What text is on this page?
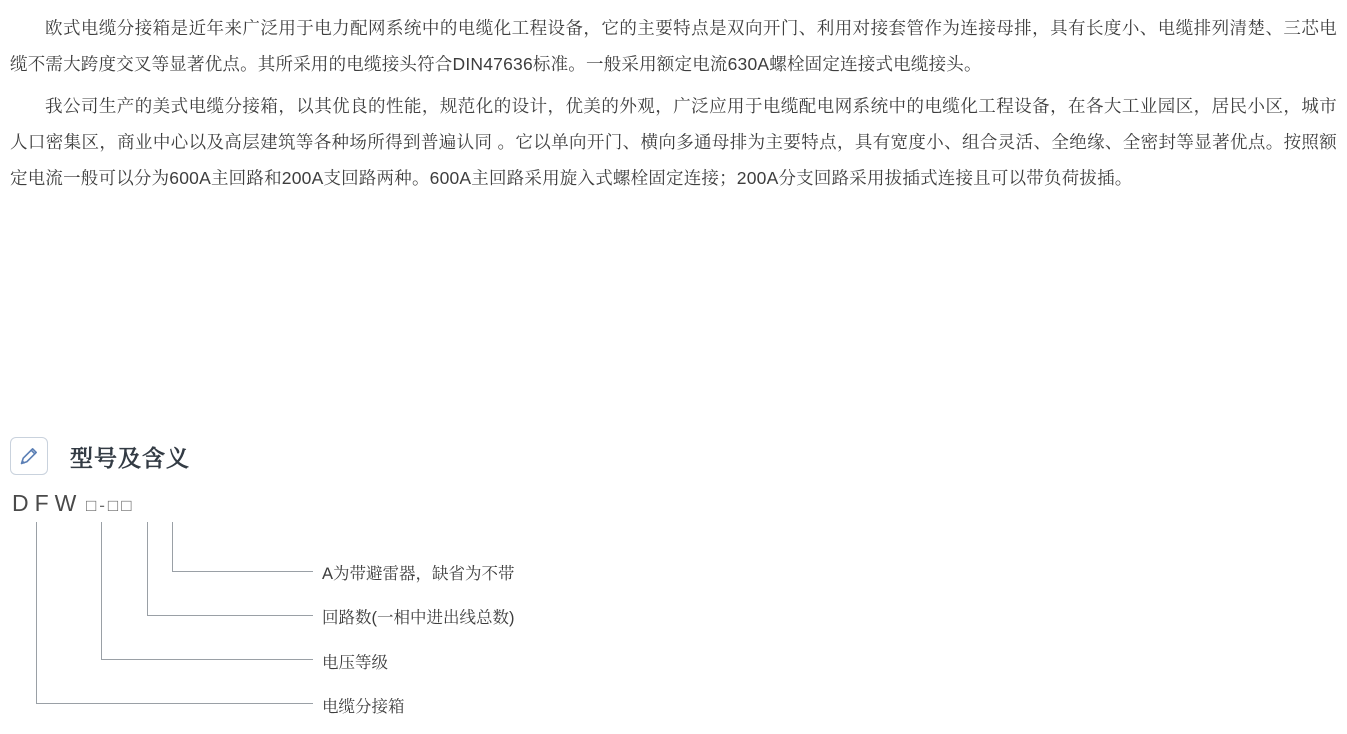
欧式电缆分接箱是近年来广泛用于电力配网系统中的电缆化工程设备，它的主要特点是双向开门、利用对接套管作为连接母排，具有长度小、电缆排列清楚、三芯电缆不需大跨度交叉等显著优点。其所采用的电缆接头符合DIN47636标准。一般采用额定电流630A螺栓固定连接式电缆接头。

我公司生产的美式电缆分接箱，以其优良的性能，规范化的设计，优美的外观，广泛应用于电缆配电网系统中的电缆化工程设备，在各大工业园区，居民小区，城市人口密集区，商业中心以及高层建筑等各种场所得到普遍认同 。它以单向开门、横向多通母排为主要特点，具有宽度小、组合灵活、全绝缘、全密封等显著优点。按照额定电流一般可以分为600A主回路和200A支回路两种。600A主回路采用旋入式螺栓固定连接；200A分支回路采用拔插式连接且可以带负荷拔插。

型号及含义
DFW □-□□
A为带避雷器，缺省为不带
回路数(一相中进出线总数)
电压等级
电缆分接箱
